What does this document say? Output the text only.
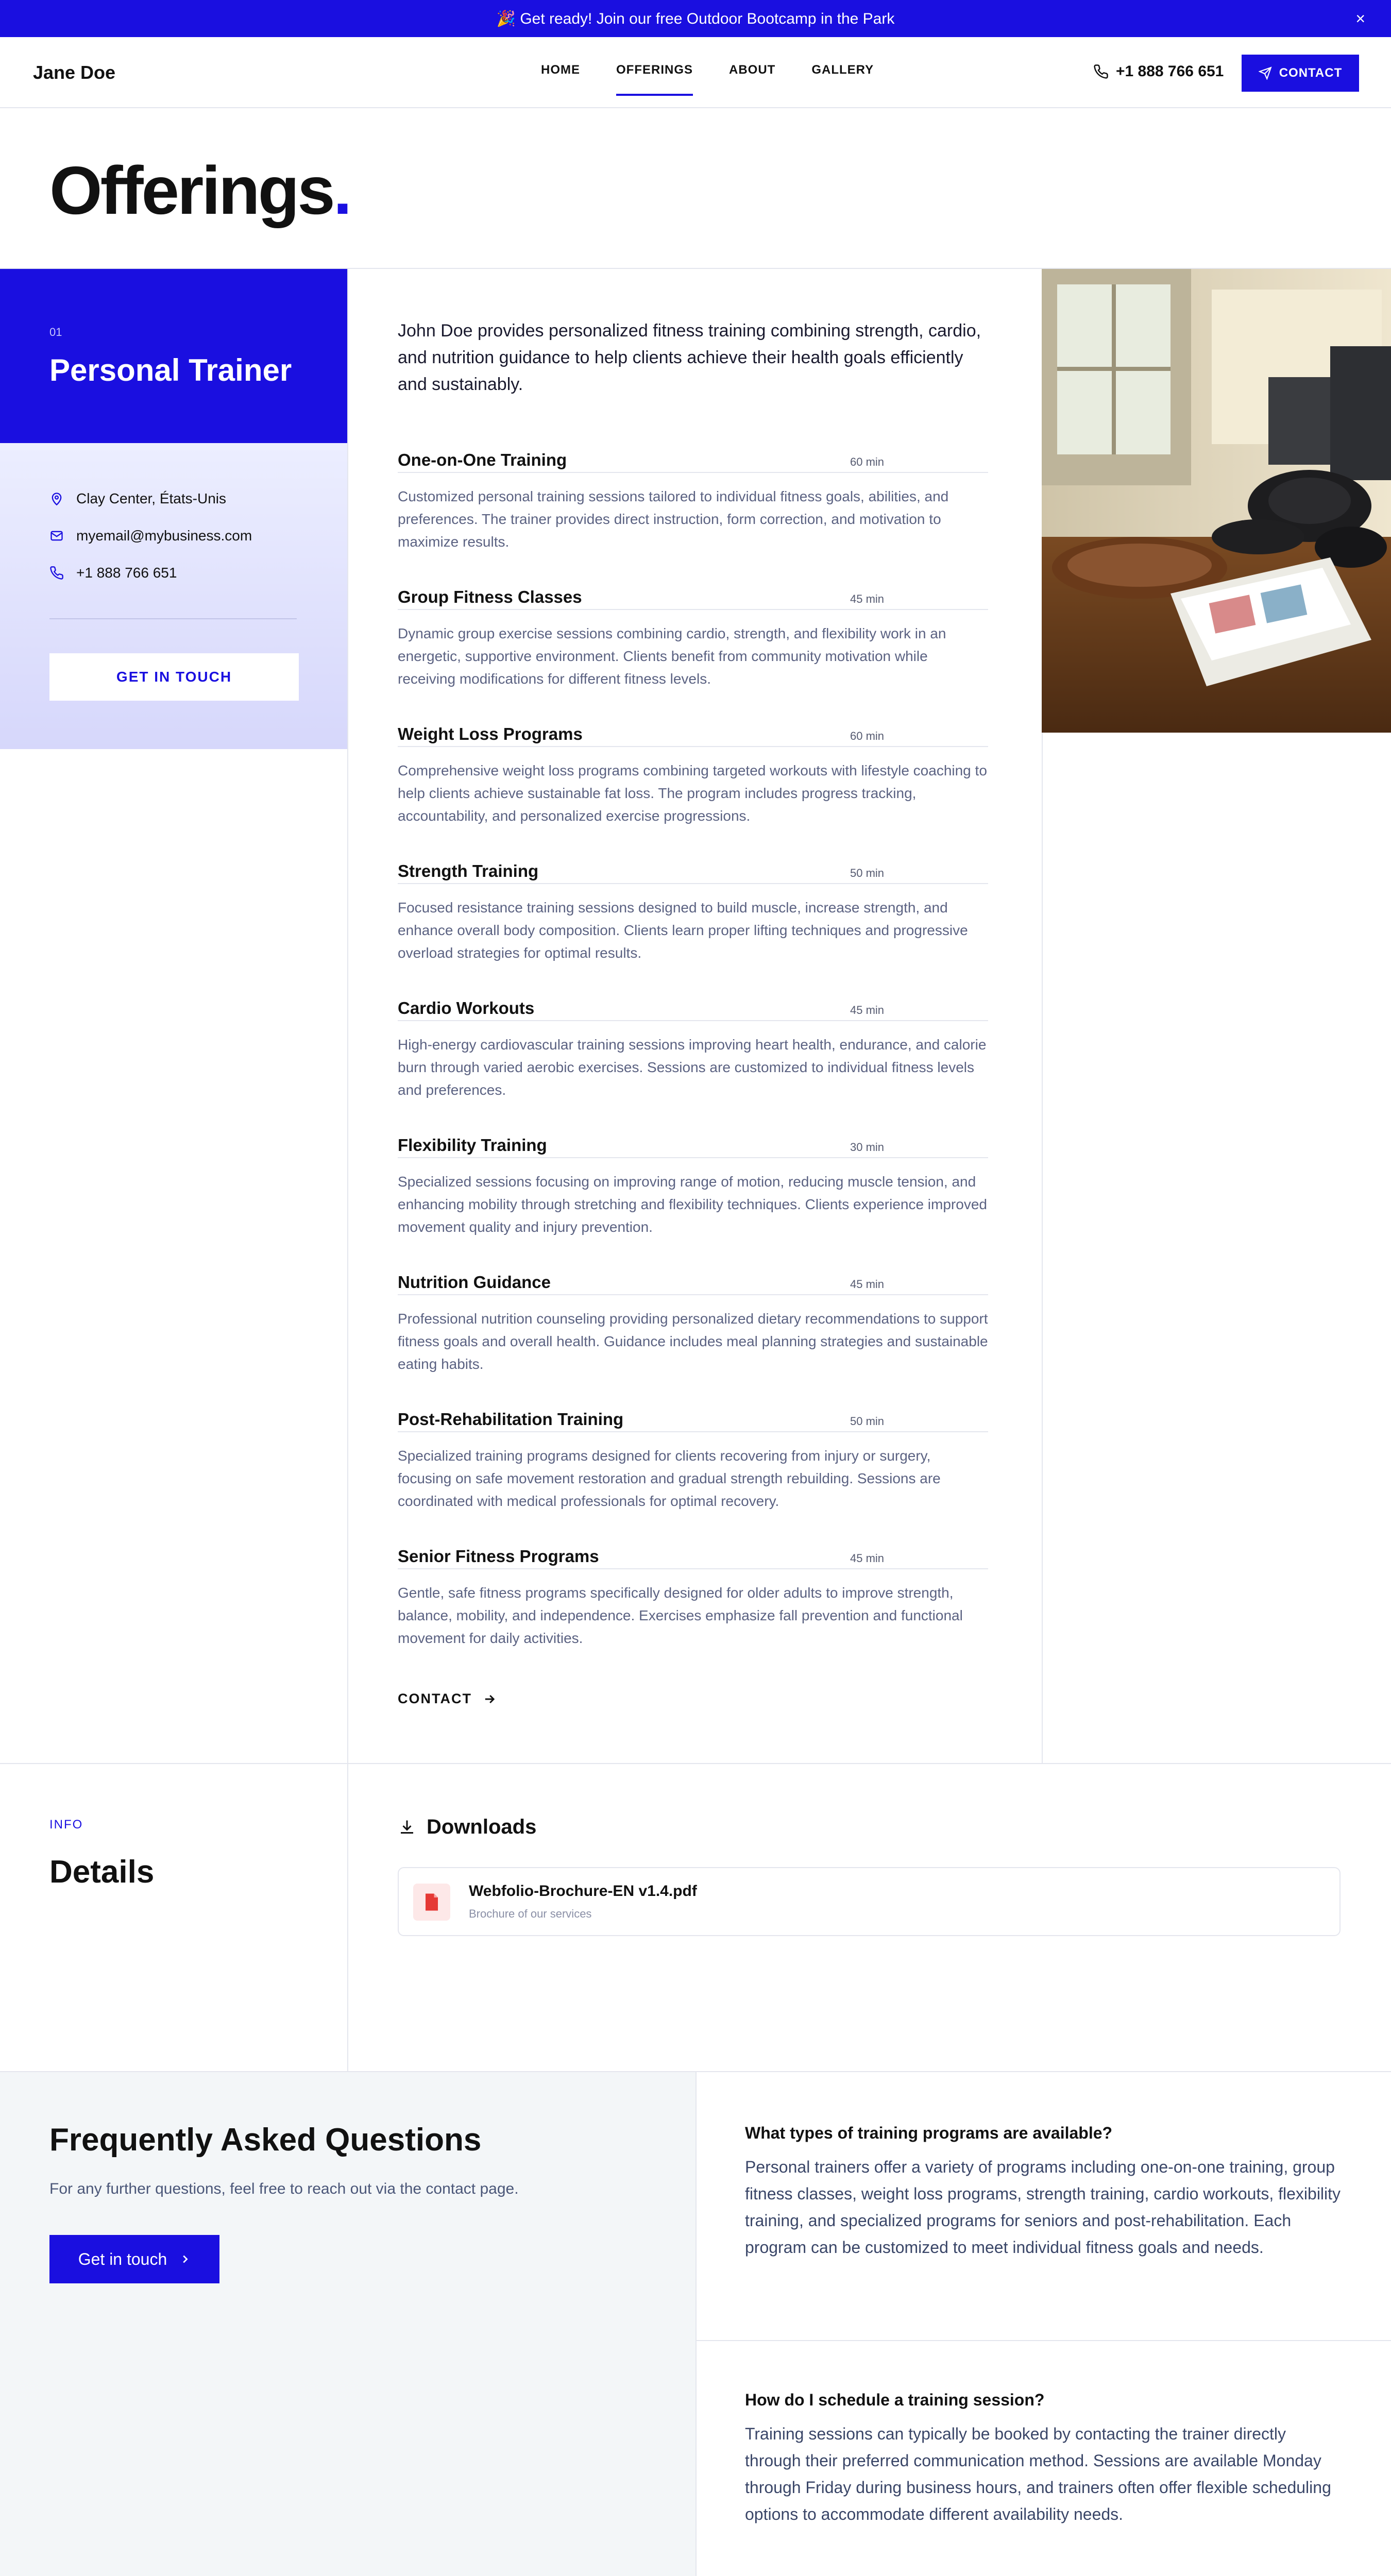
🎉 Get ready! Join our free Outdoor Bootcamp in the Park	×
Jane Doe	HOME	OFFERINGS	ABOUT	GALLERY	+1 888 766 651	CONTACT
Offerings.
01
Personal Trainer
Clay Center, États-Unis
myemail@mybusiness.com
+1 888 766 651
GET IN TOUCH
John Doe provides personalized fitness training combining strength, cardio, and nutrition guidance to help clients achieve their health goals efficiently and sustainably.
One-on-One Training	60 min
Customized personal training sessions tailored to individual fitness goals, abilities, and preferences. The trainer provides direct instruction, form correction, and motivation to maximize results.
Group Fitness Classes	45 min
Dynamic group exercise sessions combining cardio, strength, and flexibility work in an energetic, supportive environment. Clients benefit from community motivation while receiving modifications for different fitness levels.
Weight Loss Programs	60 min
Comprehensive weight loss programs combining targeted workouts with lifestyle coaching to help clients achieve sustainable fat loss. The program includes progress tracking, accountability, and personalized exercise progressions.
Strength Training	50 min
Focused resistance training sessions designed to build muscle, increase strength, and enhance overall body composition. Clients learn proper lifting techniques and progressive overload strategies for optimal results.
Cardio Workouts	45 min
High-energy cardiovascular training sessions improving heart health, endurance, and calorie burn through varied aerobic exercises. Sessions are customized to individual fitness levels and preferences.
Flexibility Training	30 min
Specialized sessions focusing on improving range of motion, reducing muscle tension, and enhancing mobility through stretching and flexibility techniques. Clients experience improved movement quality and injury prevention.
Nutrition Guidance	45 min
Professional nutrition counseling providing personalized dietary recommendations to support fitness goals and overall health. Guidance includes meal planning strategies and sustainable eating habits.
Post-Rehabilitation Training	50 min
Specialized training programs designed for clients recovering from injury or surgery, focusing on safe movement restoration and gradual strength rebuilding. Sessions are coordinated with medical professionals for optimal recovery.
Senior Fitness Programs	45 min
Gentle, safe fitness programs specifically designed for older adults to improve strength, balance, mobility, and independence. Exercises emphasize fall prevention and functional movement for daily activities.
CONTACT
INFO
Details
Downloads
Webfolio-Brochure-EN v1.4.pdf
Brochure of our services
Frequently Asked Questions
For any further questions, feel free to reach out via the contact page.
Get in touch
What types of training programs are available?
Personal trainers offer a variety of programs including one-on-one training, group fitness classes, weight loss programs, strength training, cardio workouts, flexibility training, and specialized programs for seniors and post-rehabilitation. Each program can be customized to meet individual fitness goals and needs.
How do I schedule a training session?
Training sessions can typically be booked by contacting the trainer directly through their preferred communication method. Sessions are available Monday through Friday during business hours, and trainers often offer flexible scheduling options to accommodate different availability needs.
